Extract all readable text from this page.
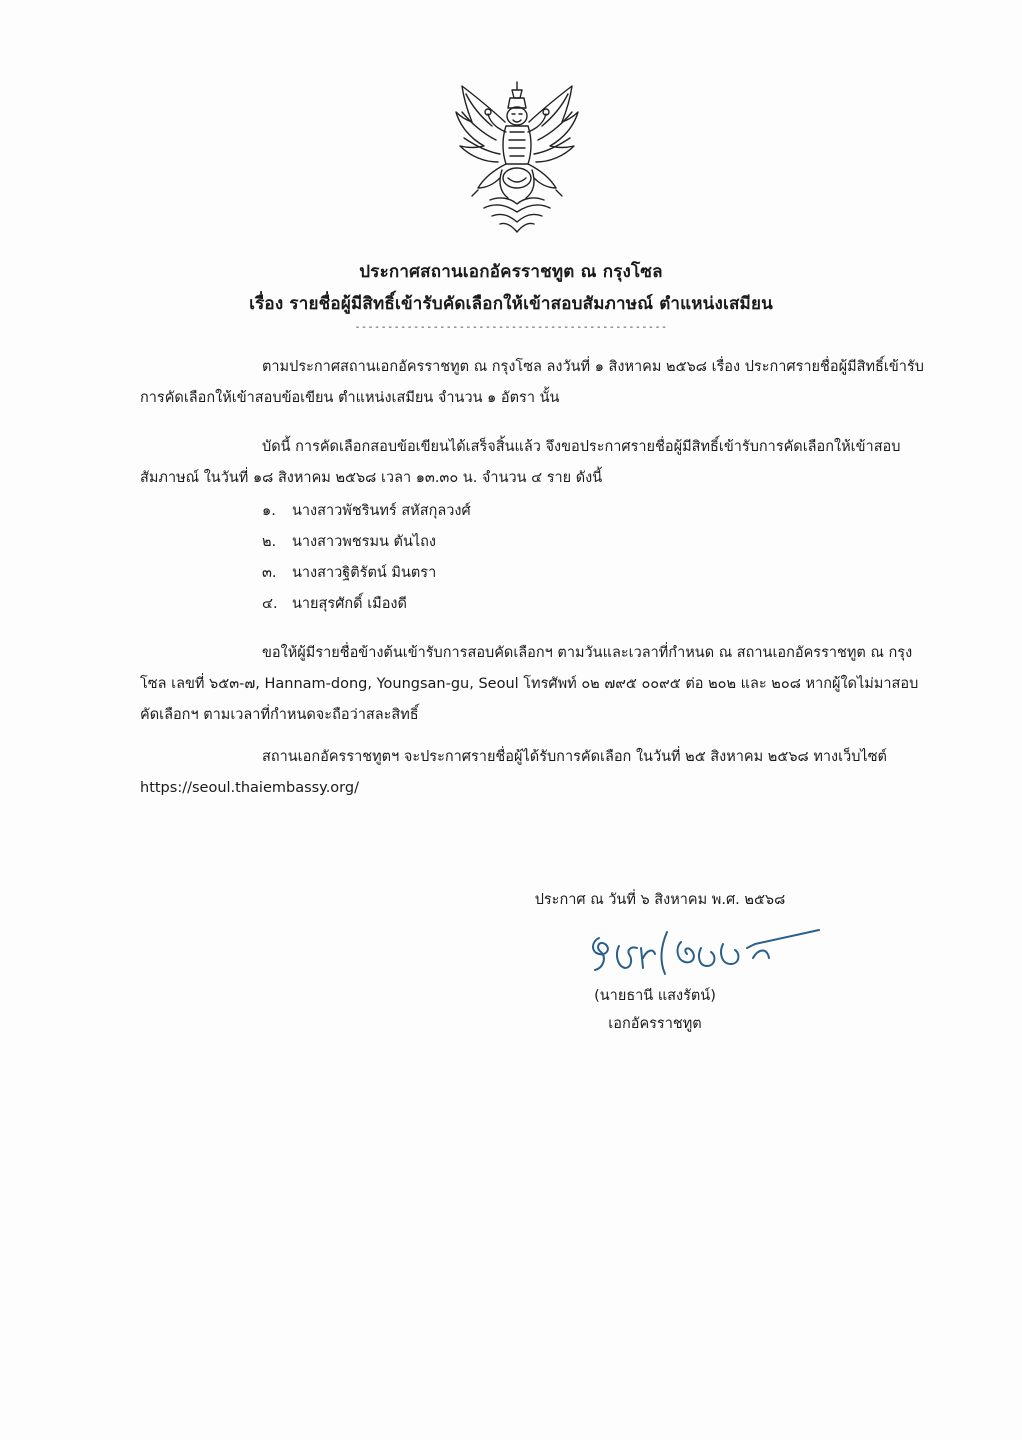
ประกาศสถานเอกอัครราชทูต ณ กรุงโซล
เรื่อง รายชื่อผู้มีสิทธิ์เข้ารับคัดเลือกให้เข้าสอบสัมภาษณ์ ตำแหน่งเสมียน
------------------------------------------------
ตามประกาศสถานเอกอัครราชทูต ณ กรุงโซล ลงวันที่ ๑ สิงหาคม ๒๕๖๘ เรื่อง ประกาศรายชื่อผู้มีสิทธิ์เข้ารับการคัดเลือกให้เข้าสอบข้อเขียน ตำแหน่งเสมียน จำนวน ๑ อัตรา นั้น
บัดนี้ การคัดเลือกสอบข้อเขียนได้เสร็จสิ้นแล้ว จึงขอประกาศรายชื่อผู้มีสิทธิ์เข้ารับการคัดเลือกให้เข้าสอบสัมภาษณ์ ในวันที่ ๑๘ สิงหาคม ๒๕๖๘ เวลา ๑๓.๓๐ น. จำนวน ๔ ราย ดังนี้
๑. นางสาวพัชรินทร์ สหัสกุลวงศ์
๒. นางสาวพชรมน ตันไถง
๓. นางสาวฐิติรัตน์ มินตรา
๔. นายสุรศักดิ์ เมืองดี
ขอให้ผู้มีรายชื่อข้างต้นเข้ารับการสอบคัดเลือกฯ ตามวันและเวลาที่กำหนด ณ สถานเอกอัครราชทูต ณ กรุงโซล เลขที่ ๖๕๓-๗, Hannam-dong, Youngsan-gu, Seoul โทรศัพท์ ๐๒ ๗๙๕ ๐๐๙๕ ต่อ ๒๐๒ และ ๒๐๘ หากผู้ใดไม่มาสอบคัดเลือกฯ ตามเวลาที่กำหนดจะถือว่าสละสิทธิ์
สถานเอกอัครราชทูตฯ จะประกาศรายชื่อผู้ได้รับการคัดเลือก ในวันที่ ๒๕ สิงหาคม ๒๕๖๘ ทางเว็บไซต์ https://seoul.thaiembassy.org/
ประกาศ ณ วันที่ ๖ สิงหาคม พ.ศ. ๒๕๖๘
(นายธานี แสงรัตน์)
เอกอัครราชทูต
